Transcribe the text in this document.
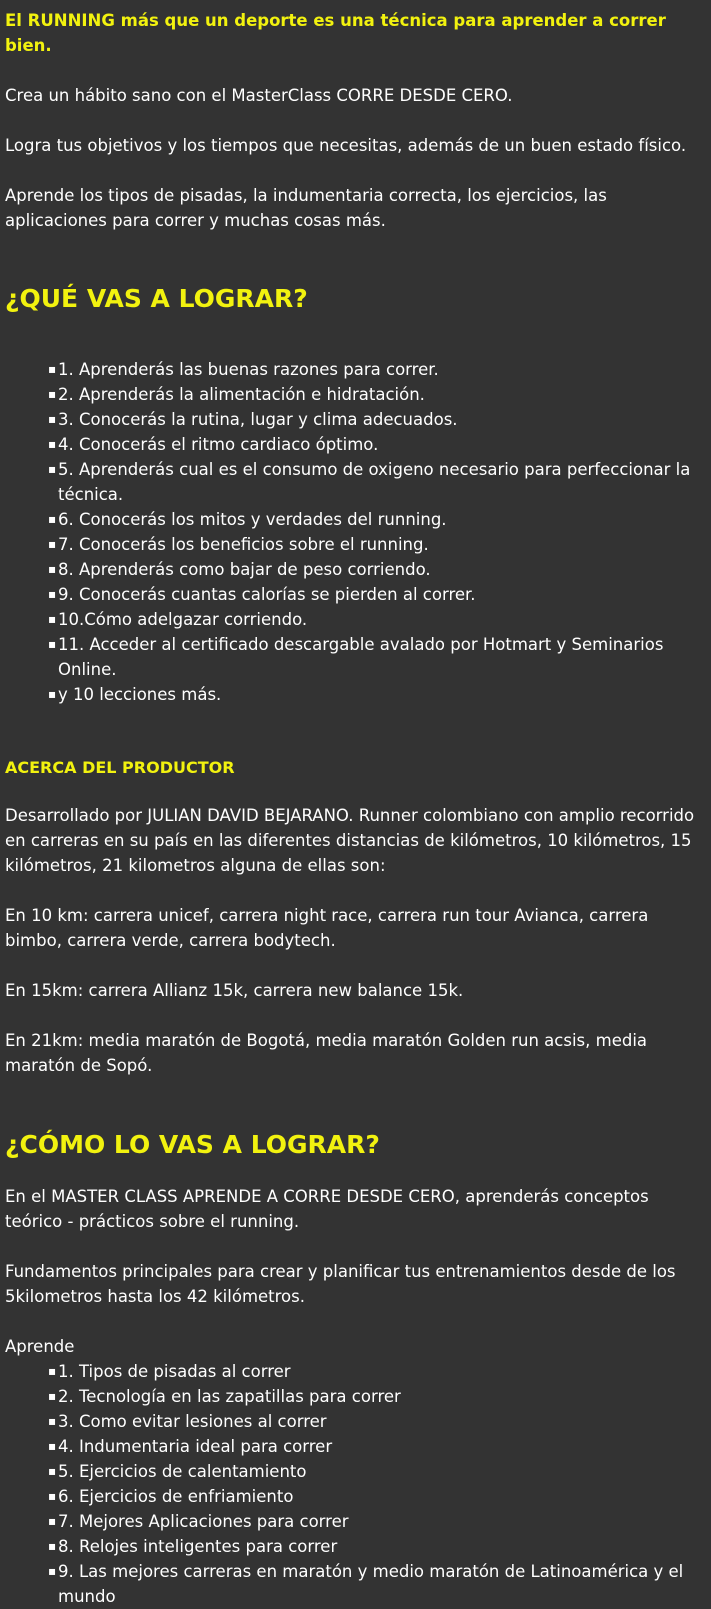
El RUNNING más que un deporte es una técnica para aprender a correr bien.

Crea un hábito sano con el MasterClass CORRE DESDE CERO.

Logra tus objetivos y los tiempos que necesitas, además de un buen estado físico.

Aprende los tipos de pisadas, la indumentaria correcta, los ejercicios, las aplicaciones para correr y muchas cosas más.

¿QUÉ VAS A LOGRAR?

▪ 1. Aprenderás las buenas razones para correr.
▪ 2. Aprenderás la alimentación e hidratación.
▪ 3. Conocerás la rutina, lugar y clima adecuados.
▪ 4. Conocerás el ritmo cardiaco óptimo.
▪ 5. Aprenderás cual es el consumo de oxigeno necesario para perfeccionar la técnica.
▪ 6. Conocerás los mitos y verdades del running.
▪ 7. Conocerás los beneficios sobre el running.
▪ 8. Aprenderás como bajar de peso corriendo.
▪ 9. Conocerás cuantas calorías se pierden al correr.
▪ 10.Cómo adelgazar corriendo.
▪ 11. Acceder al certificado descargable avalado por Hotmart y Seminarios Online.
▪ y 10 lecciones más.

ACERCA DEL PRODUCTOR

Desarrollado por JULIAN DAVID BEJARANO. Runner colombiano con amplio recorrido en carreras en su país en las diferentes distancias de kilómetros, 10 kilómetros, 15 kilómetros, 21 kilometros alguna de ellas son:

En 10 km: carrera unicef, carrera night race, carrera run tour Avianca, carrera bimbo, carrera verde, carrera bodytech.

En 15km: carrera Allianz 15k, carrera new balance 15k.

En 21km: media maratón de Bogotá, media maratón Golden run acsis, media maratón de Sopó.

¿CÓMO LO VAS A LOGRAR?

En el MASTER CLASS APRENDE A CORRE DESDE CERO, aprenderás conceptos teórico - prácticos sobre el running.

Fundamentos principales para crear y planificar tus entrenamientos desde de los 5kilometros hasta los 42 kilómetros.

Aprende

▪ 1. Tipos de pisadas al correr
▪ 2. Tecnología en las zapatillas para correr
▪ 3. Como evitar lesiones al correr
▪ 4. Indumentaria ideal para correr
▪ 5. Ejercicios de calentamiento
▪ 6. Ejercicios de enfriamiento
▪ 7. Mejores Aplicaciones para correr
▪ 8. Relojes inteligentes para correr
▪ 9. Las mejores carreras en maratón y medio maratón de Latinoamérica y el mundo
